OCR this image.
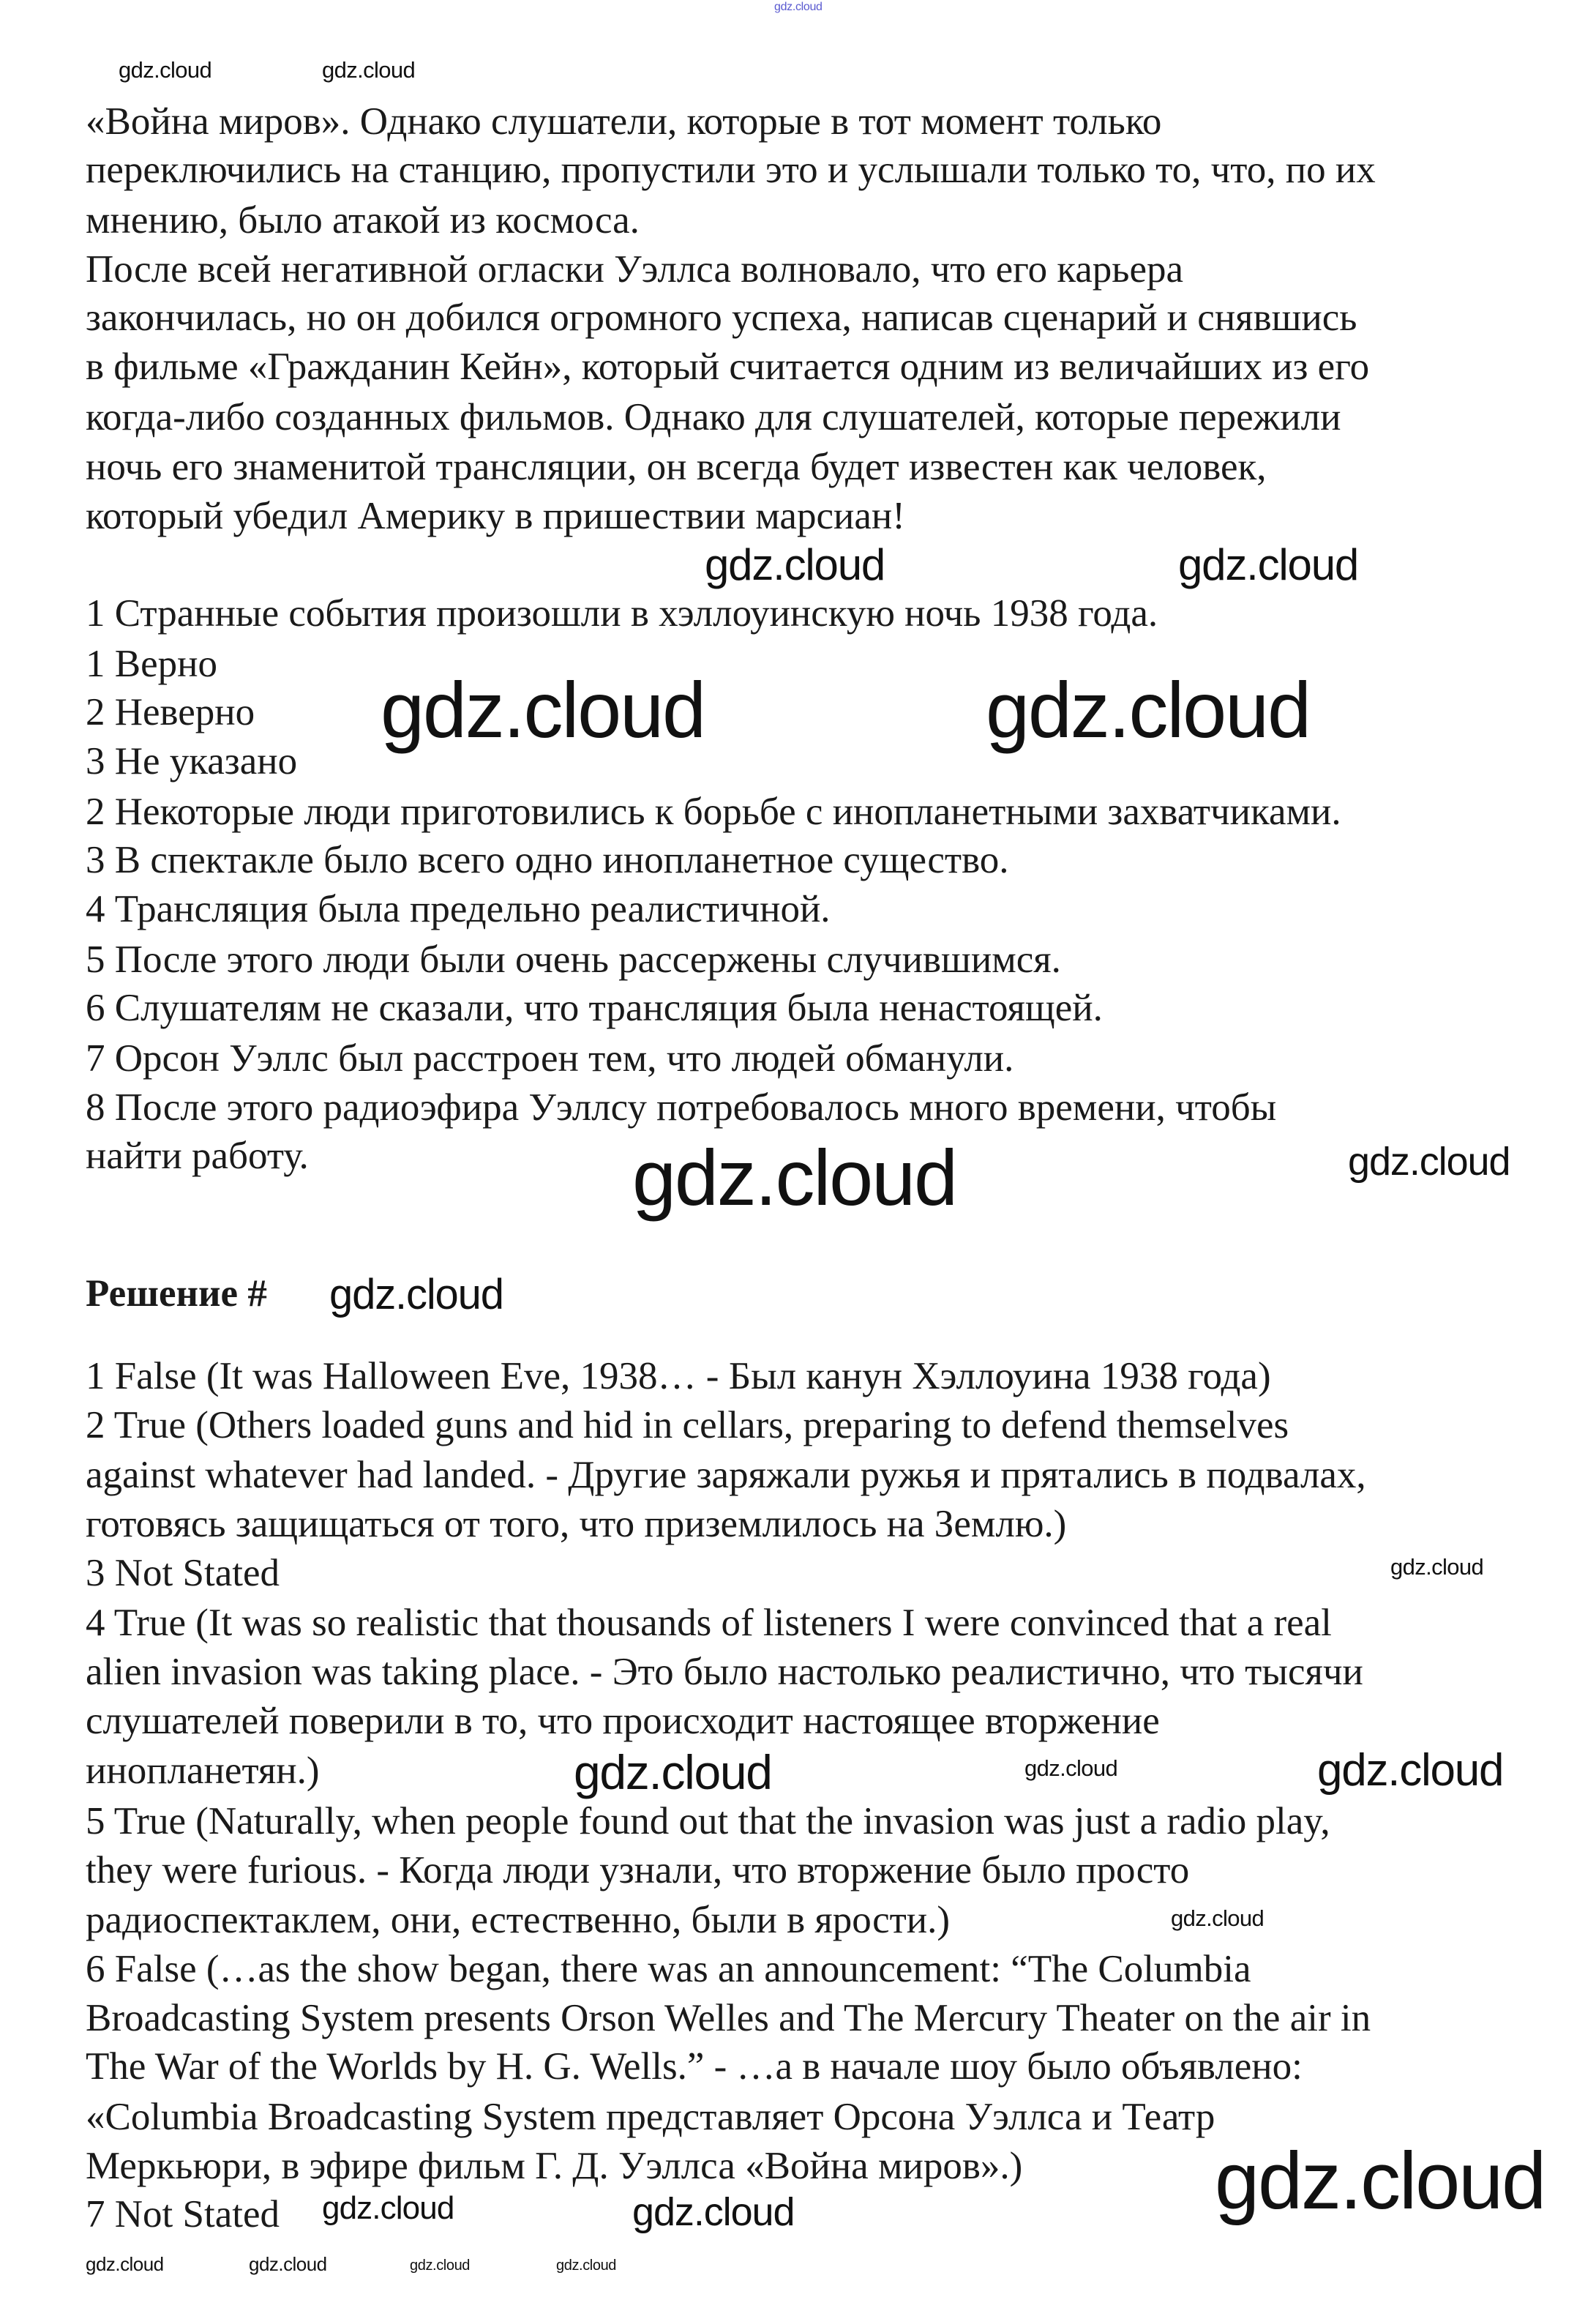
«Война миров». Однако слушатели, которые в тот момент только
переключились на станцию, пропустили это и услышали только то, что, по их
мнению, было атакой из космоса.
После всей негативной огласки Уэллса волновало, что его карьера
закончилась, но он добился огромного успеха, написав сценарий и снявшись
в фильме «Гражданин Кейн», который считается одним из величайших из его
когда-либо созданных фильмов. Однако для слушателей, которые пережили
ночь его знаменитой трансляции, он всегда будет известен как человек,
который убедил Америку в пришествии марсиан!
1 Странные события произошли в хэллоуинскую ночь 1938 года.
1 Верно
2 Неверно
3 Не указано
2 Некоторые люди приготовились к борьбе с инопланетными захватчиками.
3 В спектакле было всего одно инопланетное существо.
4 Трансляция была предельно реалистичной.
5 После этого люди были очень рассержены случившимся.
6 Слушателям не сказали, что трансляция была ненастоящей.
7 Орсон Уэллс был расстроен тем, что людей обманули.
8 После этого радиоэфира Уэллсу потребовалось много времени, чтобы
найти работу.
Решение #
1 False (It was Halloween Eve, 1938… - Был канун Хэллоуина 1938 года)
2 True (Others loaded guns and hid in cellars, preparing to defend themselves
against whatever had landed. - Другие заряжали ружья и прятались в подвалах,
готовясь защищаться от того, что приземлилось на Землю.)
3 Not Stated
4 True (It was so realistic that thousands of listeners I were convinced that a real
alien invasion was taking place. - Это было настолько реалистично, что тысячи
слушателей поверили в то, что происходит настоящее вторжение
инопланетян.)
5 True (Naturally, when people found out that the invasion was just a radio play,
they were furious. - Когда люди узнали, что вторжение было просто
радиоспектаклем, они, естественно, были в ярости.)
6 False (…as the show began, there was an announcement: “The Columbia
Broadcasting System presents Orson Welles and The Mercury Theater on the air in
The War of the Worlds by H. G. Wells.” - …а в начале шоу было объявлено:
«Columbia Broadcasting System представляет Орсона Уэллса и Театр
Меркьюри, в эфире фильм Г. Д. Уэллса «Война миров».)
7 Not Stated
gdz.cloud
gdz.cloud	gdz.cloud
gdz.cloud	gdz.cloud
gdz.cloud	gdz.cloud
gdz.cloud	gdz.cloud
gdz.cloud
gdz.cloud
gdz.cloud	gdz.cloud
gdz.cloud
gdz.cloud
gdz.cloud	gdz.cloud	gdz.cloud	gdz.cloud
gdz.cloud	gdz.cloud	gdz.cloud
